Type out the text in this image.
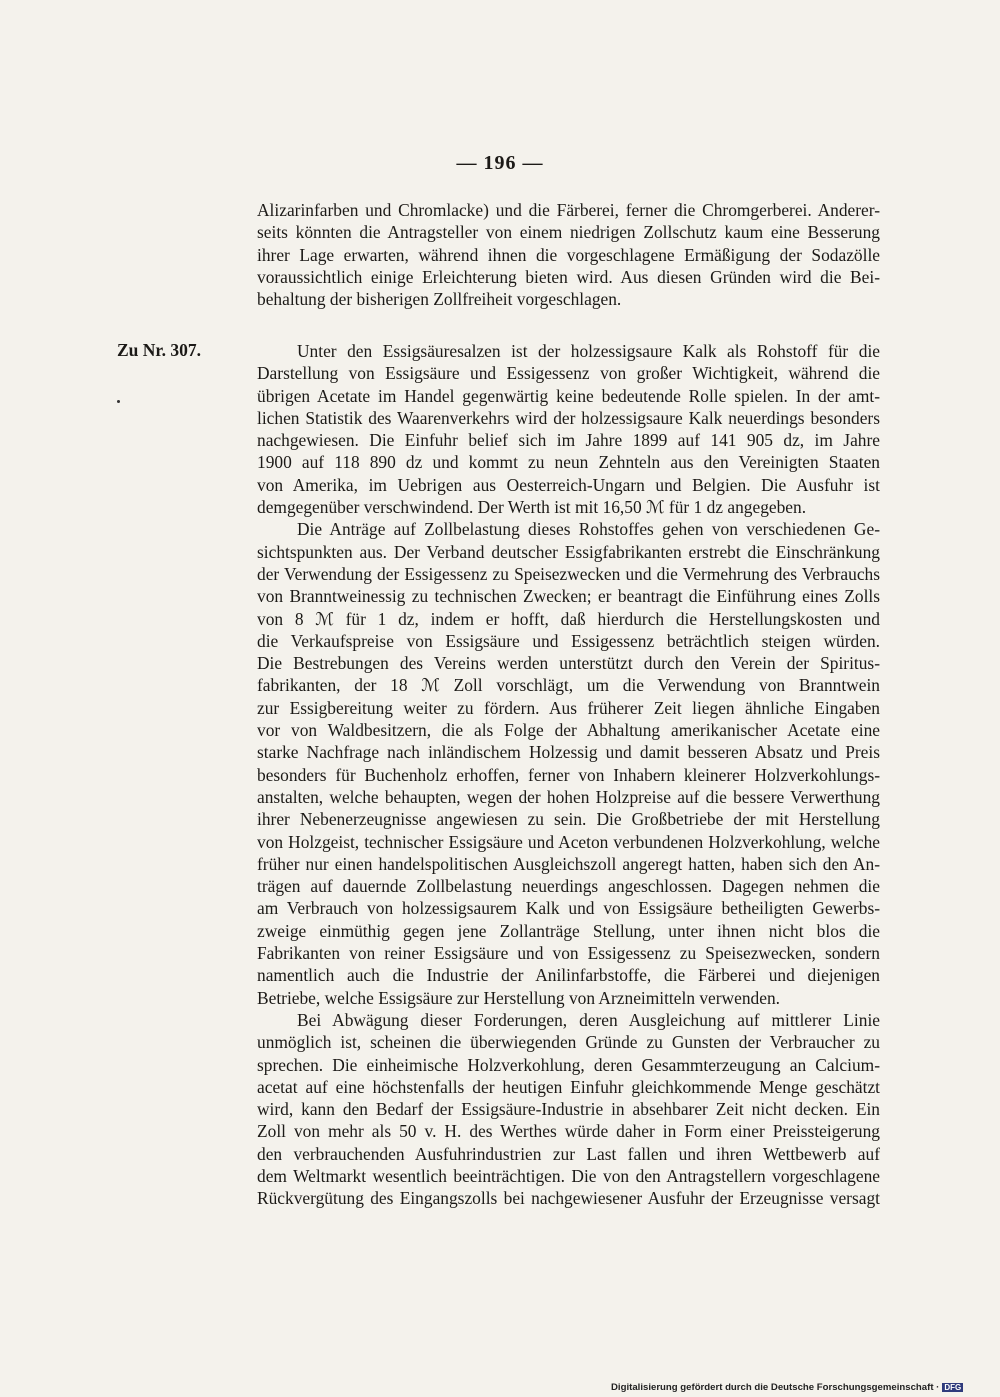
— 196 —
Alizarinfarben und Chromlacke) und die Färberei, ferner die Chromgerberei. Anderer-
seits könnten die Antragsteller von einem niedrigen Zollschutz kaum eine Besserung
ihrer Lage erwarten, während ihnen die vorgeschlagene Ermäßigung der Sodazölle
voraussichtlich einige Erleichterung bieten wird. Aus diesen Gründen wird die Bei-
behaltung der bisherigen Zollfreiheit vorgeschlagen.
Zu Nr. 307.	Unter den Essigsäuresalzen ist der holzessigsaure Kalk als Rohstoff für die
Darstellung von Essigsäure und Essigessenz von großer Wichtigkeit, während die
übrigen Acetate im Handel gegenwärtig keine bedeutende Rolle spielen. In der amt-
lichen Statistik des Waarenverkehrs wird der holzessigsaure Kalk neuerdings besonders
nachgewiesen. Die Einfuhr belief sich im Jahre 1899 auf 141 905 dz, im Jahre
1900 auf 118 890 dz und kommt zu neun Zehnteln aus den Vereinigten Staaten
von Amerika, im Uebrigen aus Oesterreich-Ungarn und Belgien. Die Ausfuhr ist
demgegenüber verschwindend. Der Werth ist mit 16,50 ℳ für 1 dz angegeben.
Die Anträge auf Zollbelastung dieses Rohstoffes gehen von verschiedenen Ge-
sichtspunkten aus. Der Verband deutscher Essigfabrikanten erstrebt die Einschränkung
der Verwendung der Essigessenz zu Speisezwecken und die Vermehrung des Verbrauchs
von Branntweinessig zu technischen Zwecken; er beantragt die Einführung eines Zolls
von 8 ℳ für 1 dz, indem er hofft, daß hierdurch die Herstellungskosten und
die Verkaufspreise von Essigsäure und Essigessenz beträchtlich steigen würden.
Die Bestrebungen des Vereins werden unterstützt durch den Verein der Spiritus-
fabrikanten, der 18 ℳ Zoll vorschlägt, um die Verwendung von Branntwein
zur Essigbereitung weiter zu fördern. Aus früherer Zeit liegen ähnliche Eingaben
vor von Waldbesitzern, die als Folge der Abhaltung amerikanischer Acetate eine
starke Nachfrage nach inländischem Holzessig und damit besseren Absatz und Preis
besonders für Buchenholz erhoffen, ferner von Inhabern kleinerer Holzverkohlungs-
anstalten, welche behaupten, wegen der hohen Holzpreise auf die bessere Verwerthung
ihrer Nebenerzeugnisse angewiesen zu sein. Die Großbetriebe der mit Herstellung
von Holzgeist, technischer Essigsäure und Aceton verbundenen Holzverkohlung, welche
früher nur einen handelspolitischen Ausgleichszoll angeregt hatten, haben sich den An-
trägen auf dauernde Zollbelastung neuerdings angeschlossen. Dagegen nehmen die
am Verbrauch von holzessigsaurem Kalk und von Essigsäure betheiligten Gewerbs-
zweige einmüthig gegen jene Zollanträge Stellung, unter ihnen nicht blos die
Fabrikanten von reiner Essigsäure und von Essigessenz zu Speisezwecken, sondern
namentlich auch die Industrie der Anilinfarbstoffe, die Färberei und diejenigen
Betriebe, welche Essigsäure zur Herstellung von Arzneimitteln verwenden.
Bei Abwägung dieser Forderungen, deren Ausgleichung auf mittlerer Linie
unmöglich ist, scheinen die überwiegenden Gründe zu Gunsten der Verbraucher zu
sprechen. Die einheimische Holzverkohlung, deren Gesammterzeugung an Calcium-
acetat auf eine höchstenfalls der heutigen Einfuhr gleichkommende Menge geschätzt
wird, kann den Bedarf der Essigsäure-Industrie in absehbarer Zeit nicht decken. Ein
Zoll von mehr als 50 v. H. des Werthes würde daher in Form einer Preissteigerung
den verbrauchenden Ausfuhrindustrien zur Last fallen und ihren Wettbewerb auf
dem Weltmarkt wesentlich beeinträchtigen. Die von den Antragstellern vorgeschlagene
Rückvergütung des Eingangszolls bei nachgewiesener Ausfuhr der Erzeugnisse versagt
Digitalisierung gefördert durch die Deutsche Forschungsgemeinschaft · DFG
